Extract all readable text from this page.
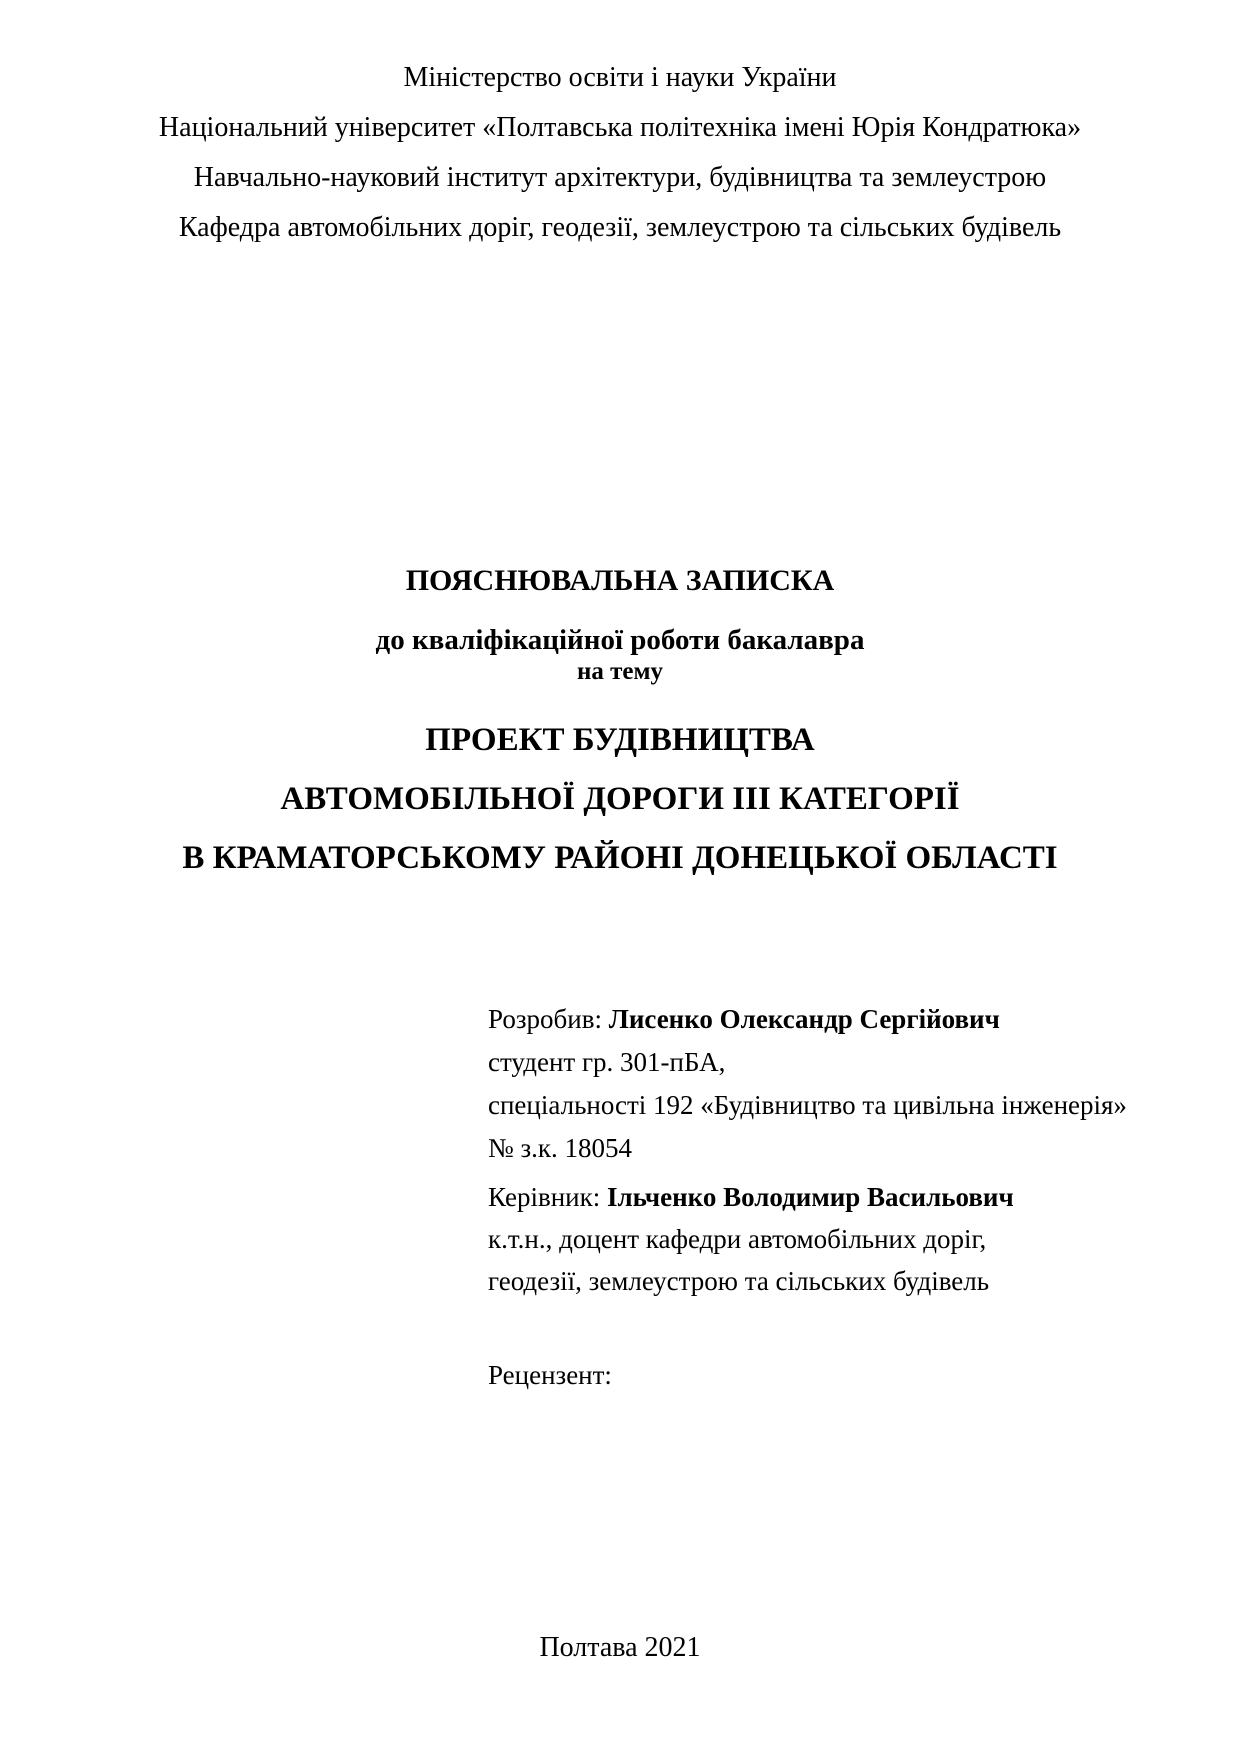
Міністерство освіти і науки України
Національний університет «Полтавська політехніка імені Юрія Кондратюка»
Навчально-науковий інститут архітектури, будівництва та землеустрою
Кафедра автомобільних доріг, геодезії, землеустрою та сільських будівель
ПОЯСНЮВАЛЬНА ЗАПИСКА
до кваліфікаційної роботи бакалавра
на тему
ПРОЕКТ БУДІВНИЦТВА
АВТОМОБІЛЬНОЇ ДОРОГИ ІІІ КАТЕГОРІЇ
В КРАМАТОРСЬКОМУ РАЙОНІ ДОНЕЦЬКОЇ ОБЛАСТІ
Розробив: Лисенко Олександр Сергійович
студент гр. 301-пБА,
спеціальності 192 «Будівництво та цивільна інженерія»
№ з.к. 18054
Керівник: Ільченко Володимир Васильович
к.т.н., доцент кафедри автомобільних доріг,
геодезії, землеустрою та сільських будівель
Рецензент:
Полтава 2021
